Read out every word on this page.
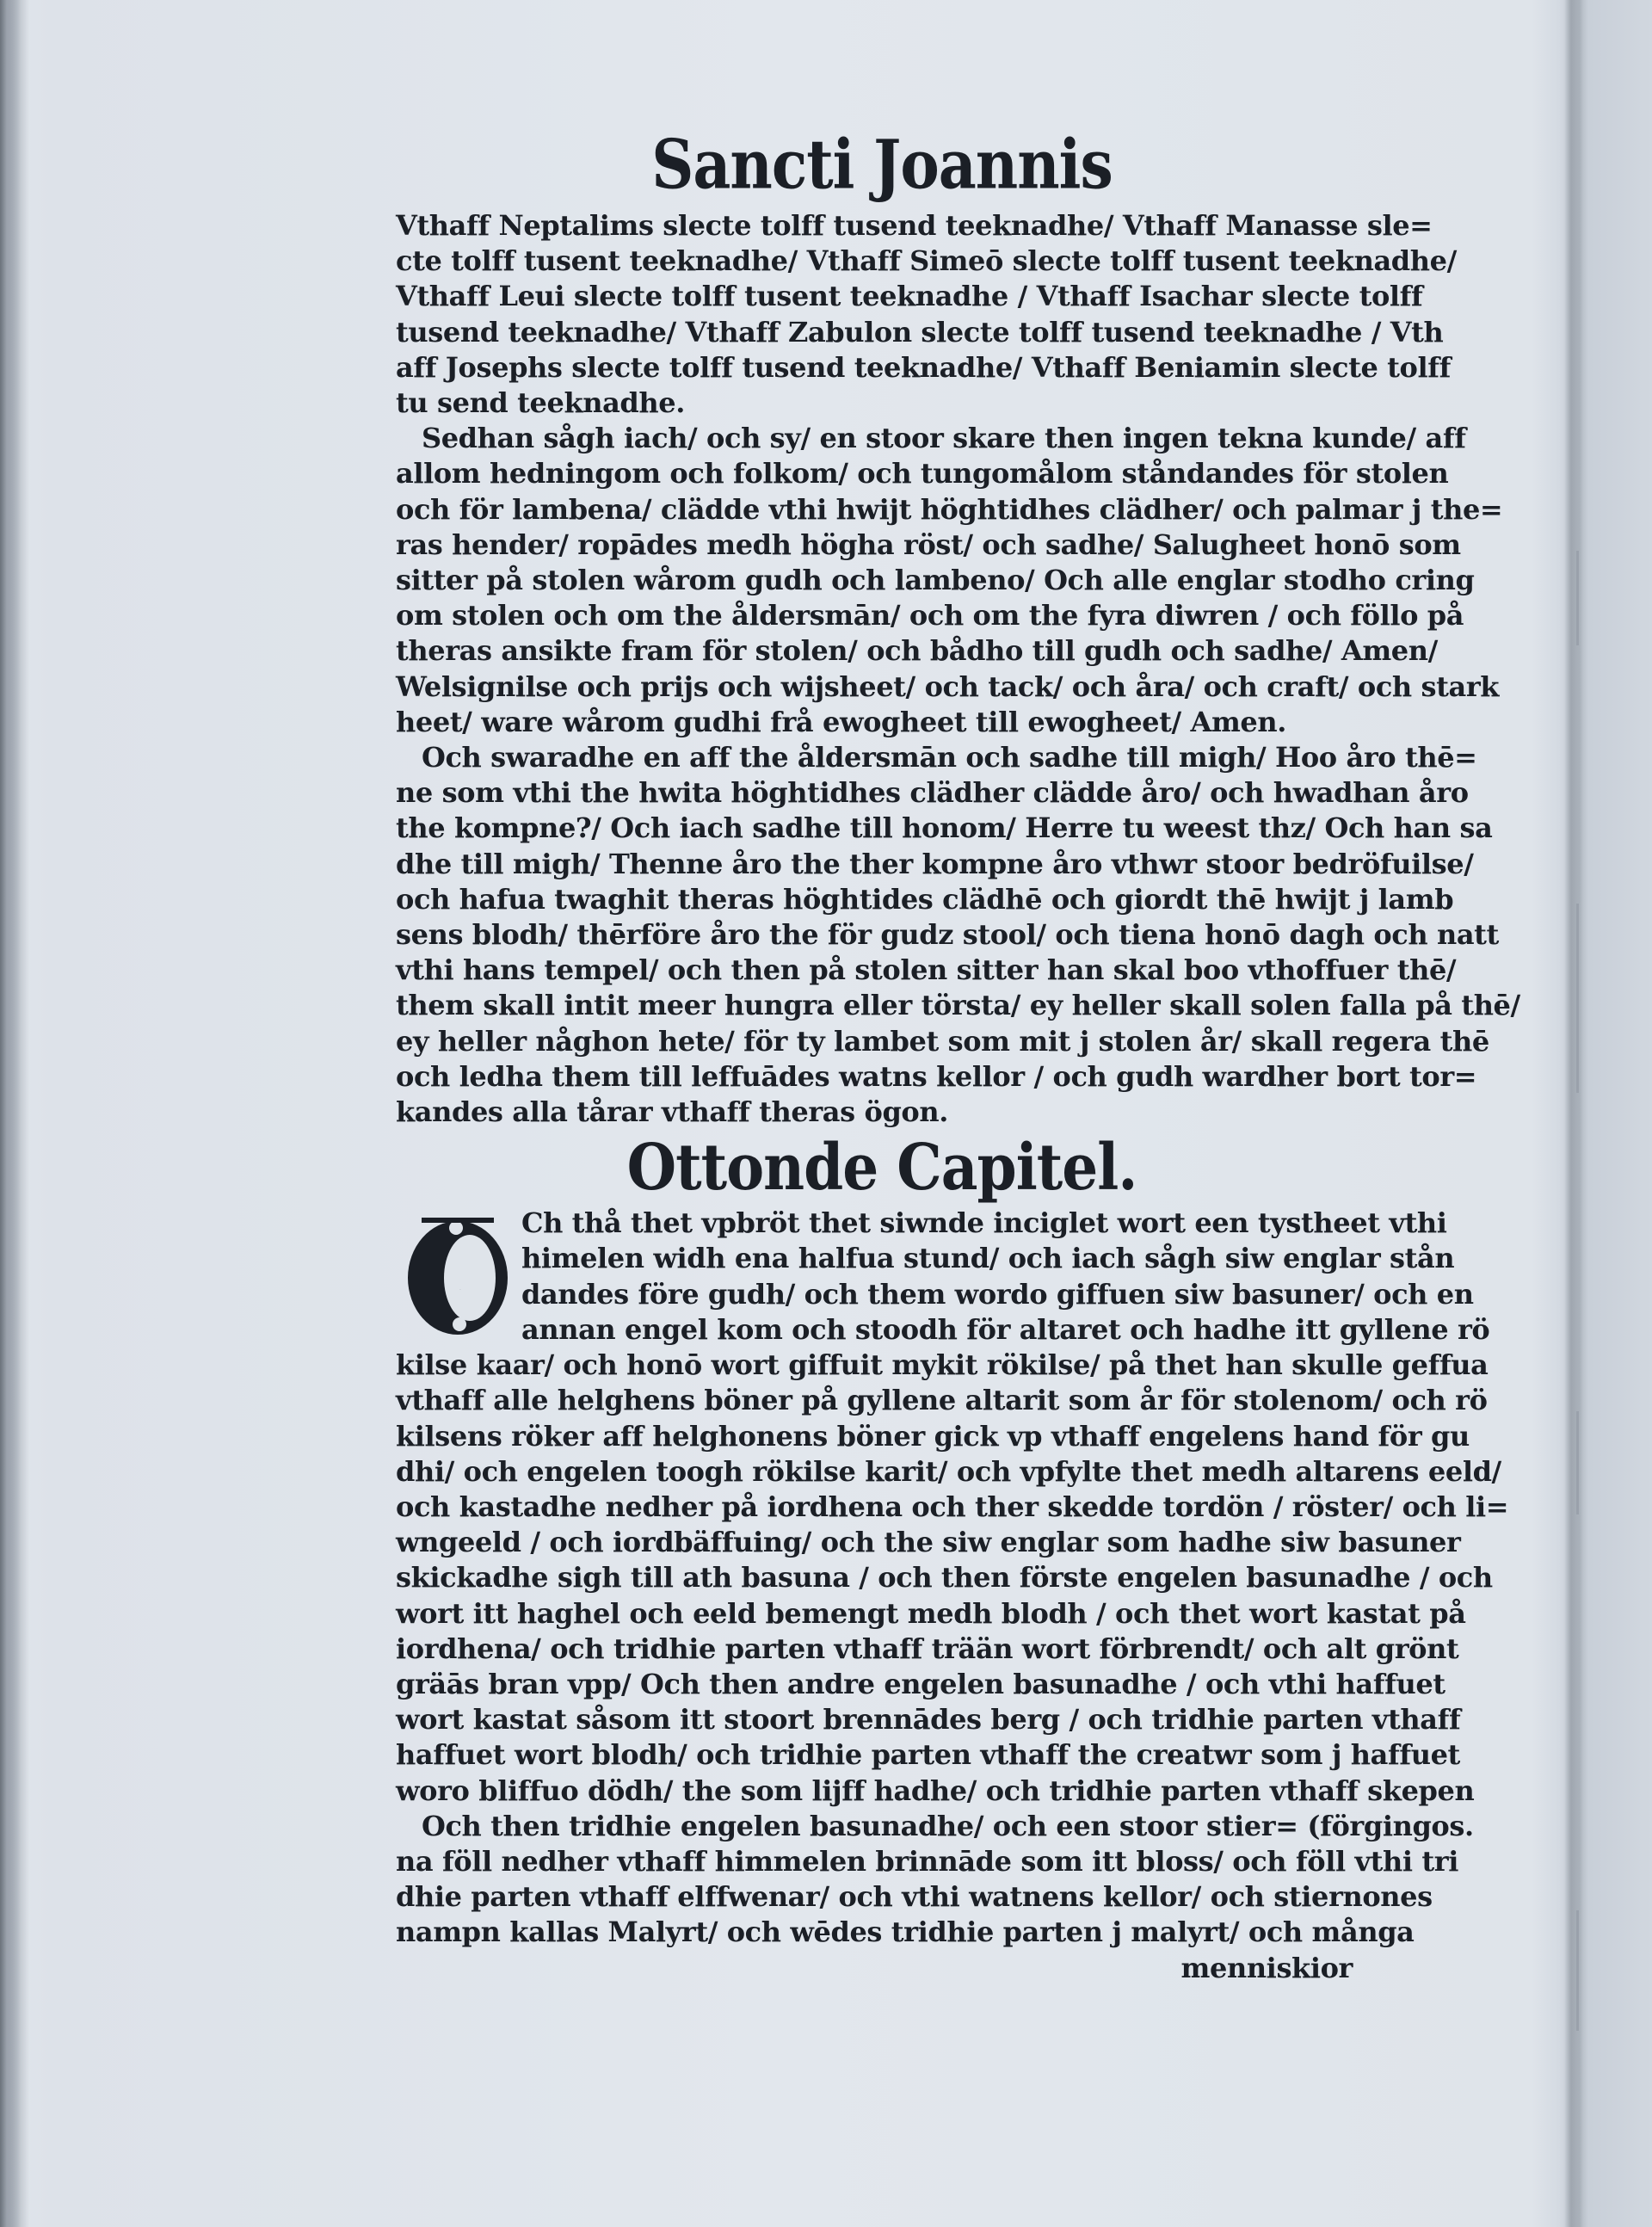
Sancti Joannis
Vthaff Neptalims slecte tolff tusend teeknadhe/ Vthaff Manasse sle=
cte tolff tusent teeknadhe/ Vthaff Simeō slecte tolff tusent teeknadhe/
Vthaff Leui slecte tolff tusent teeknadhe / Vthaff Isachar slecte tolff
tusend teeknadhe/ Vthaff Zabulon slecte tolff tusend teeknadhe / Vth
aff Josephs slecte tolff tusend teeknadhe/ Vthaff Beniamin slecte tolff
tu send teeknadhe.
Sedhan sågh iach/ och sy/ en stoor skare then ingen tekna kunde/ aff
allom hedningom och folkom/ och tungomålom ståndandes för stolen
och för lambena/ clädde vthi hwijt höghtidhes clädher/ och palmar j the=
ras hender/ ropādes medh högha röst/ och sadhe/ Salugheet honō som
sitter på stolen wårom gudh och lambeno/ Och alle englar stodho cring
om stolen och om the åldersmān/ och om the fyra diwren / och föllo på
theras ansikte fram för stolen/ och bådho till gudh och sadhe/ Amen/
Welsignilse och prijs och wijsheet/ och tack/ och åra/ och craft/ och stark
heet/ ware wårom gudhi frå ewogheet till ewogheet/ Amen.
Och swaradhe en aff the åldersmān och sadhe till migh/ Hoo åro thē=
ne som vthi the hwita höghtidhes clädher clädde åro/ och hwadhan åro
the kompne?/ Och iach sadhe till honom/ Herre tu weest thz/ Och han sa
dhe till migh/ Thenne åro the ther kompne åro vthwr stoor bedröfuilse/
och hafua twaghit theras höghtides clädhē och giordt thē hwijt j lamb
sens blodh/ thērföre åro the för gudz stool/ och tiena honō dagh och natt
vthi hans tempel/ och then på stolen sitter han skal boo vthoffuer thē/
them skall intit meer hungra eller törsta/ ey heller skall solen falla på thē/
ey heller någhon hete/ för ty lambet som mit j stolen år/ skall regera thē
och ledha them till leffuādes watns kellor / och gudh wardher bort tor=
kandes alla tårar vthaff theras ögon.
Ottonde Capitel.
O
Ch thå thet vpbröt thet siwnde inciglet wort een tystheet vthi
himelen widh ena halfua stund/ och iach sågh siw englar stån
dandes före gudh/ och them wordo giffuen siw basuner/ och en
annan engel kom och stoodh för altaret och hadhe itt gyllene rö
kilse kaar/ och honō wort giffuit mykit rökilse/ på thet han skulle geffua
vthaff alle helghens böner på gyllene altarit som år för stolenom/ och rö
kilsens röker aff helghonens böner gick vp vthaff engelens hand för gu
dhi/ och engelen toogh rökilse karit/ och vpfylte thet medh altarens eeld/
och kastadhe nedher på iordhena och ther skedde tordön / röster/ och li=
wngeeld / och iordbäffuing/ och the siw englar som hadhe siw basuner
skickadhe sigh till ath basuna / och then förste engelen basunadhe / och
wort itt haghel och eeld bemengt medh blodh / och thet wort kastat på
iordhena/ och tridhie parten vthaff trään wort förbrendt/ och alt grönt
gräās bran vpp/ Och then andre engelen basunadhe / och vthi haffuet
wort kastat såsom itt stoort brennādes berg / och tridhie parten vthaff
haffuet wort blodh/ och tridhie parten vthaff the creatwr som j haffuet
woro bliffuo dödh/ the som lijff hadhe/ och tridhie parten vthaff skepen
Och then tridhie engelen basunadhe/ och een stoor stier= (förgingos.
na föll nedher vthaff himmelen brinnāde som itt bloss/ och föll vthi tri
dhie parten vthaff elffwenar/ och vthi watnens kellor/ och stiernones
nampn kallas Malyrt/ och wēdes tridhie parten j malyrt/ och många
menniskior
